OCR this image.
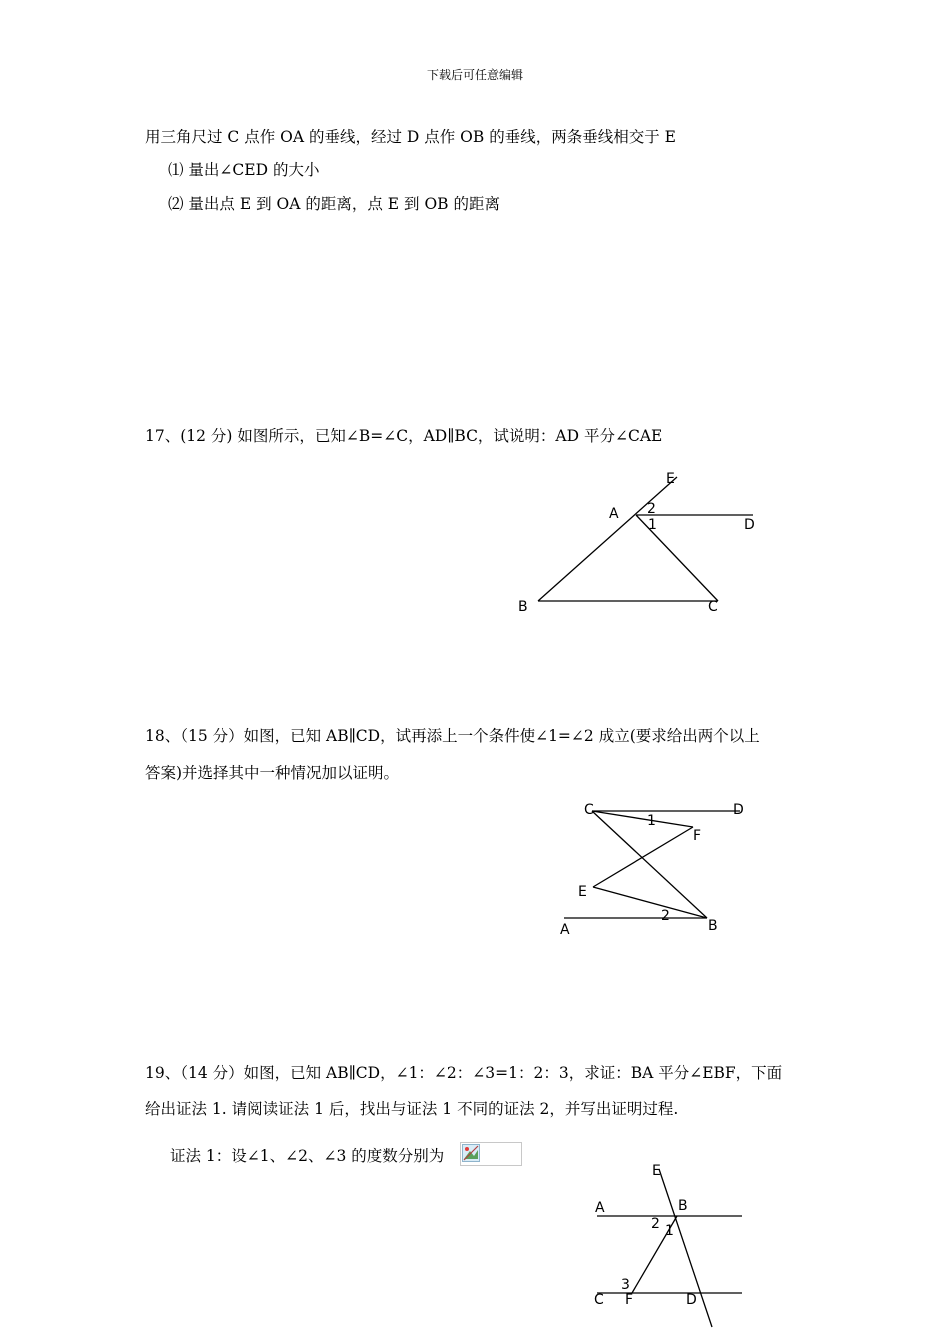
下载后可任意编辑
用三角尺过 C 点作 OA 的垂线，经过 D 点作 OB 的垂线，两条垂线相交于 E
⑴ 量出∠CED 的大小
⑵ 量出点 E 到 OA 的距离，点 E 到 OB 的距离
17、(12 分) 如图所示，已知∠B=∠C，AD∥BC，试说明：AD 平分∠CAE
E
A 2
1	D
B	C
18、（15 分）如图，已知 AB∥CD，试再添上一个条件使∠1=∠2 成立(要求给出两个以上
答案)并选择其中一种情况加以证明。
C	D
1
F
E
2
A	B
19、（14 分）如图，已知 AB∥CD，∠1：∠2：∠3=1：2：3，求证：BA 平分∠EBF，下面
给出证法 1. 请阅读证法 1 后，找出与证法 1 不同的证法 2，并写出证明过程.
证法 1：设∠1、∠2、∠3 的度数分别为
E
A	B
2 1
3
C F	D
